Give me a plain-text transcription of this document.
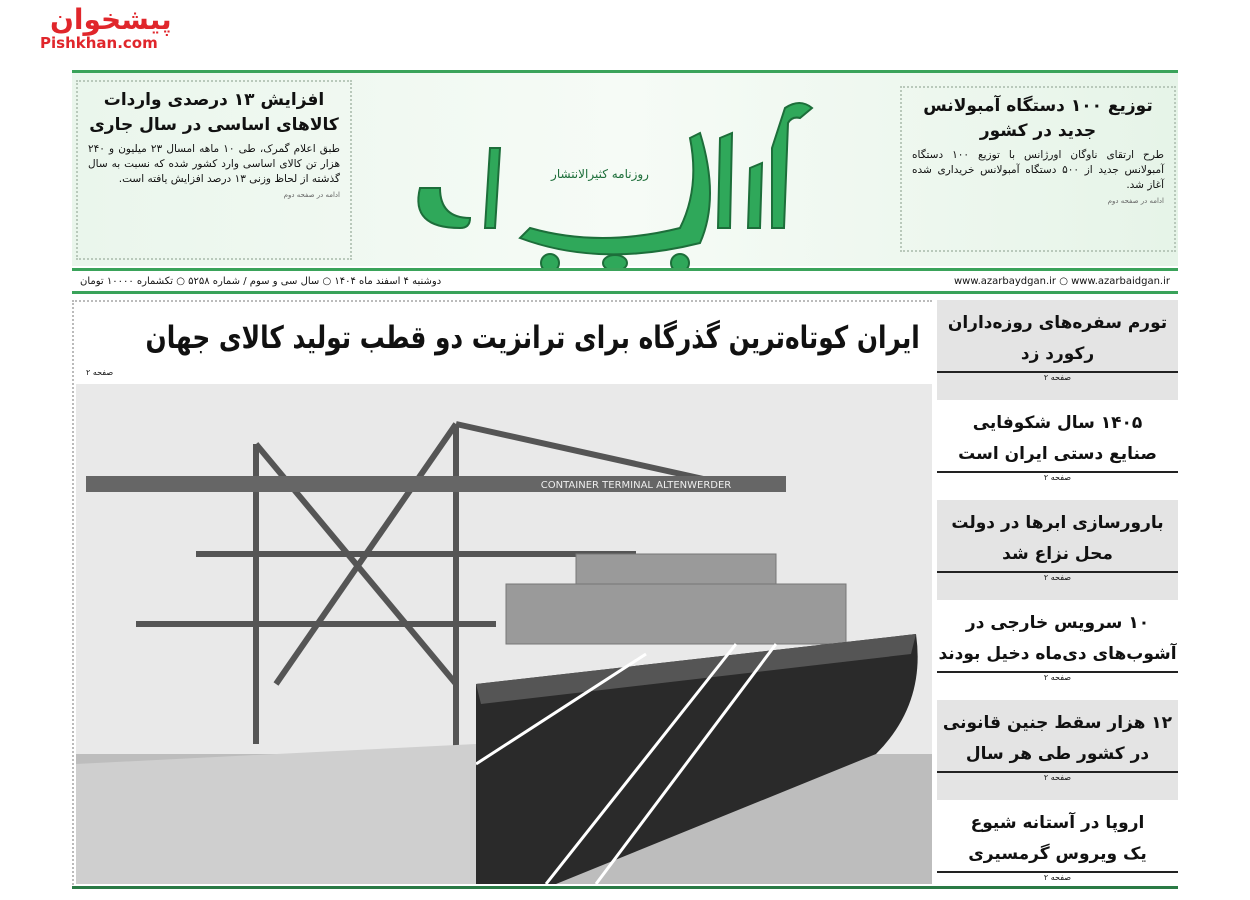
افزایش ۱۳ درصدی واردات کالاهای اساسی در سال جاری

طبق اعلام گمرک، طی ۱۰ ماهه امسال ۲۳ میلیون و ۲۴۰ هزار تن کالای اساسی وارد کشور شده که نسبت به سال گذشته از لحاظ وزنی ۱۳ درصد افزایش یافته است.

ادامه در صفحه دوم
روزنامه کثیرالانتشار
توزیع ۱۰۰ دستگاه آمبولانس جدید در کشور

طرح ارتقای ناوگان اورژانس با توزیع ۱۰۰ دستگاه آمبولانس جدید از ۵۰۰ دستگاه آمبولانس خریداری شده آغاز شد.

ادامه در صفحه دوم
دوشنبه ۴ اسفند ماه ۱۴۰۴ ○ سال سی و سوم / شماره ۵۲۵۸ ○ تکشماره ۱۰۰۰۰ تومان	www.azarbaydgan.ir ○ www.azarbaidgan.ir
ایران کوتاه‌ترین گذرگاه برای ترانزیت دو قطب تولید کالای جهان
صفحه ۲
CONTAINER TERMINAL ALTENWERDER
تورم سفره‌های روزه‌داران
رکورد زد
$^{صفحه ۲}$
۱۴۰۵ سال شکوفایی
صنایع دستی ایران است
$^{صفحه ۲}$
بارورسازی ابرها در دولت
محل نزاع شد
$^{صفحه ۲}$
۱۰ سرویس خارجی در
آشوب‌های دی‌ماه دخیل بودند
$^{صفحه ۲}$
۱۲ هزار سقط جنین قانونی
در کشور طی هر سال
$^{صفحه ۲}$
اروپا در آستانه شیوع
یک ویروس گرمسیری
$^{صفحه ۲}$
پیشخوان
Pishkhan.com
